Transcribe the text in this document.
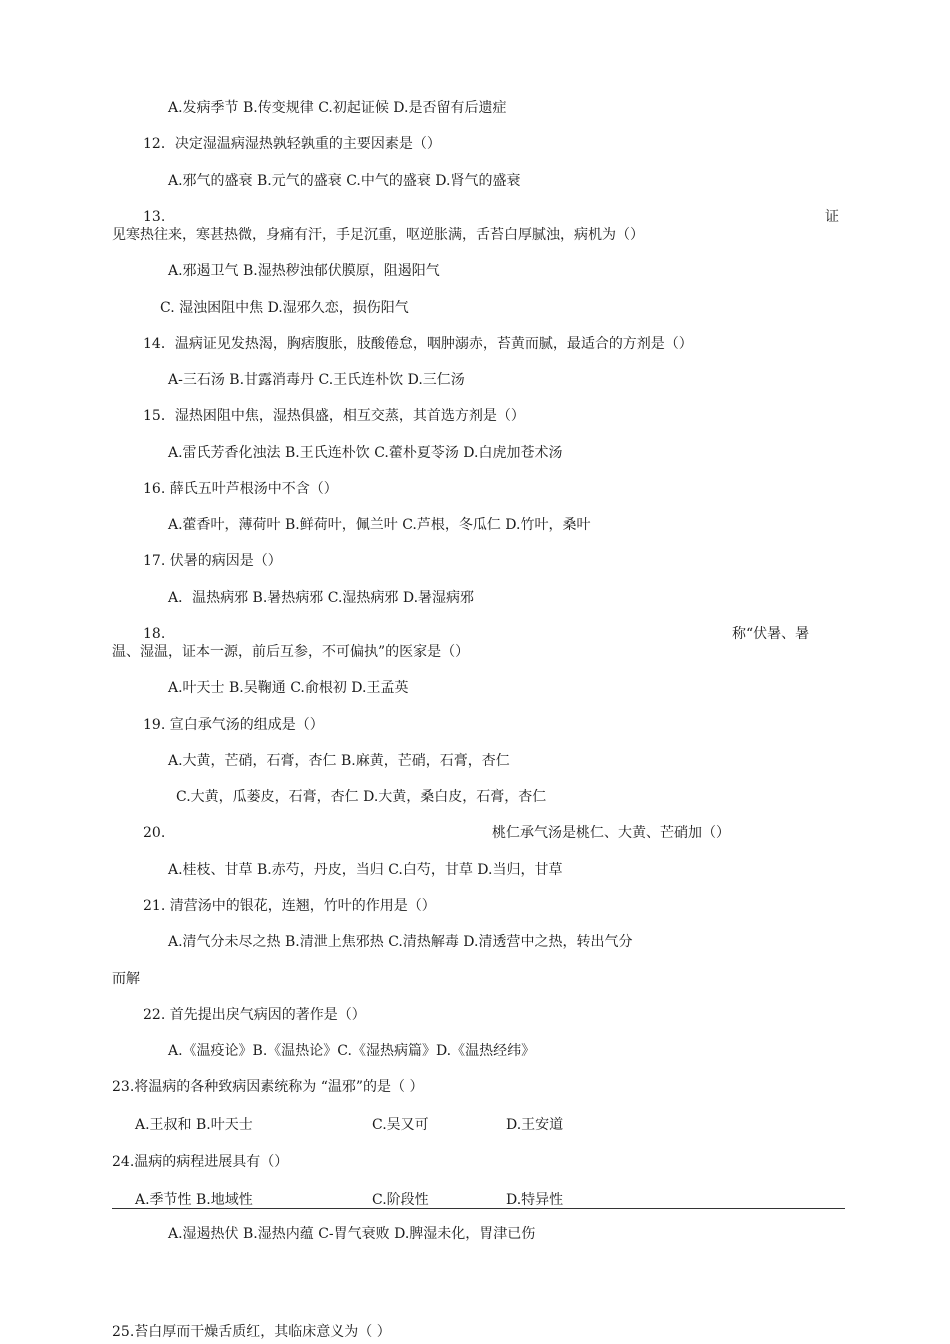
A.发病季节 B.传变规律 C.初起证候 D.是否留有后遗症
12．决定湿温病湿热孰轻孰重的主要因素是（）
A.邪气的盛衰 B.元气的盛衰 C.中气的盛衰 D.肾气的盛衰
13.	证
见寒热往来，寒甚热微，身痛有汗，手足沉重，呕逆胀满，舌苔白厚腻浊，病机为（）
A.邪遏卫气 B.湿热秽浊郁伏膜原，阻遏阳气
C. 湿浊困阻中焦 D.湿邪久恋，损伤阳气
14．温病证见发热渴，胸痞腹胀，肢酸倦怠，咽肿溺赤，苔黄而腻，最适合的方剂是（）
A-三石汤 B.甘露消毒丹 C.王氏连朴饮 D.三仁汤
15．湿热困阻中焦，湿热俱盛，相互交蒸，其首选方剂是（）
A.雷氏芳香化浊法 B.王氏连朴饮 C.藿朴夏苓汤 D.白虎加苍术汤
16. 薛氏五叶芦根汤中不含（）
A.藿香叶，薄荷叶 B.鲜荷叶，佩兰叶 C.芦根，冬瓜仁 D.竹叶，桑叶
17. 伏暑的病因是（）
A．温热病邪 B.暑热病邪 C.湿热病邪 D.暑湿病邪
18.	称“伏暑、暑
温、湿温，证本一源，前后互参，不可偏执”的医家是（）
A.叶天士 B.吴鞠通 C.俞根初 D.王孟英
19. 宣白承气汤的组成是（）
A.大黄，芒硝，石膏，杏仁 B.麻黄，芒硝，石膏，杏仁
C.大黄，瓜蒌皮，石膏，杏仁 D.大黄，桑白皮，石膏，杏仁
20.	桃仁承气汤是桃仁、大黄、芒硝加（）
A.桂枝、甘草 B.赤芍，丹皮，当归 C.白芍，甘草 D.当归，甘草
21. 清营汤中的银花，连翘，竹叶的作用是（）
A.清气分未尽之热 B.清泄上焦邪热 C.清热解毒 D.清透营中之热，转出气分
而解
22. 首先提出戾气病因的著作是（）
A.《温疫论》B.《温热论》C.《湿热病篇》D.《温热经纬》
23.将温病的各种致病因素统称为 “温邪”的是（ ）
A.王叔和 B.叶天士	C.吴又可	D.王安道
24.温病的病程进展具有（）
A.季节性 B.地域性	C.阶段性	D.特异性
A.湿遏热伏 B.湿热内蕴 C-胃气衰败 D.脾湿未化，胃津已伤
25.苔白厚而干燥舌质红，其临床意义为（ ）
